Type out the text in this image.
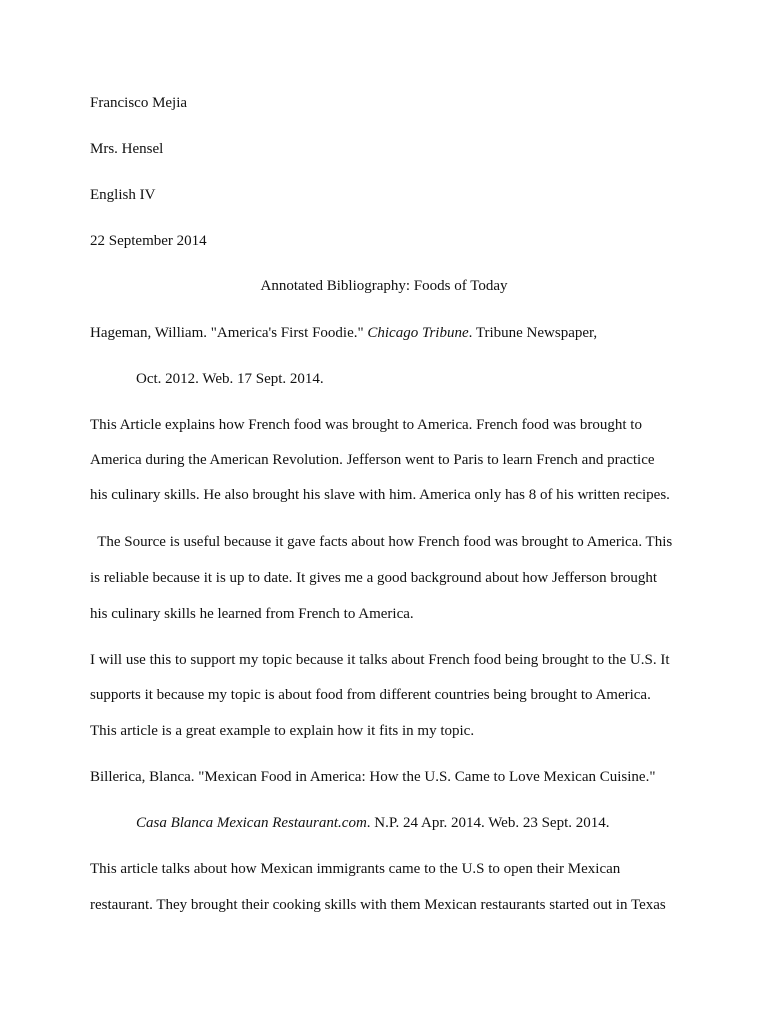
Francisco Mejia
Mrs. Hensel
English IV
22 September 2014
Annotated Bibliography: Foods of Today
Hageman, William. "America's First Foodie." Chicago Tribune. Tribune Newspaper,
Oct. 2012. Web. 17 Sept. 2014.
This Article explains how French food was brought to America. French food was brought to
America during the American Revolution. Jefferson went to Paris to learn French and practice
his culinary skills. He also brought his slave with him. America only has 8 of his written recipes.
The Source is useful because it gave facts about how French food was brought to America. This
is reliable because it is up to date. It gives me a good background about how Jefferson brought
his culinary skills he learned from French to America.
I will use this to support my topic because it talks about French food being brought to the U.S. It
supports it because my topic is about food from different countries being brought to America.
This article is a great example to explain how it fits in my topic.
Billerica, Blanca. "Mexican Food in America: How the U.S. Came to Love Mexican Cuisine."
Casa Blanca Mexican Restaurant.com. N.P. 24 Apr. 2014. Web. 23 Sept. 2014.
This article talks about how Mexican immigrants came to the U.S to open their Mexican
restaurant. They brought their cooking skills with them Mexican restaurants started out in Texas
